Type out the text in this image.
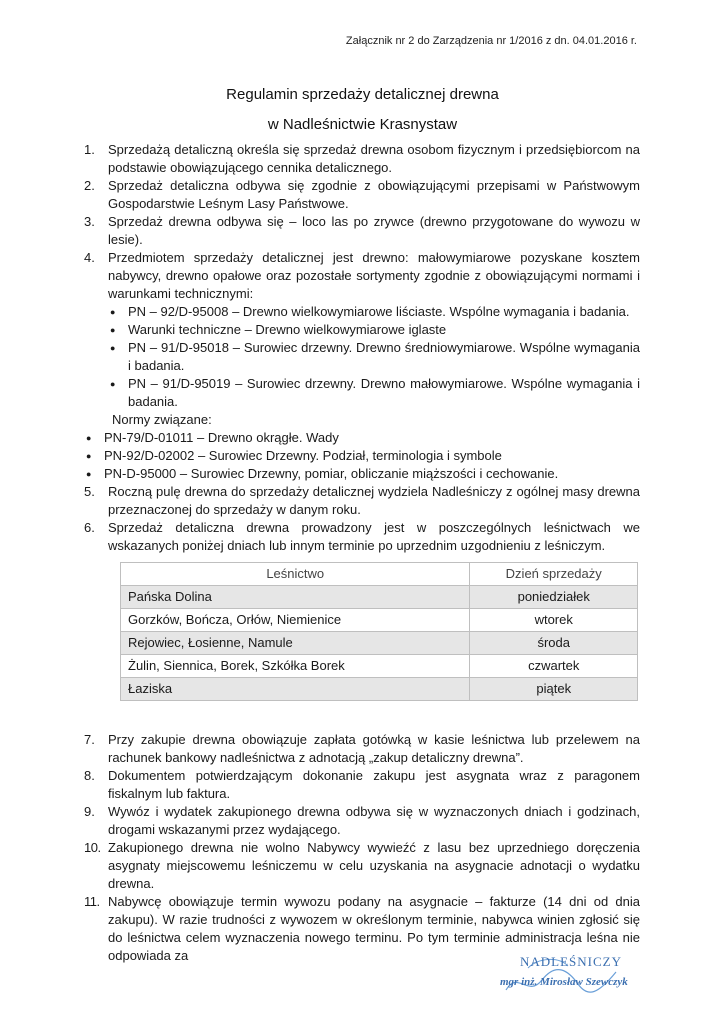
Załącznik nr 2 do Zarządzenia nr 1/2016 z dn. 04.01.2016 r.
Regulamin sprzedaży detalicznej drewna
w Nadleśnictwie Krasnystaw
1.	Sprzedażą detaliczną określa się sprzedaż drewna osobom fizycznym i przedsiębiorcom na podstawie obowiązującego cennika detalicznego.
2.	Sprzedaż detaliczna odbywa się zgodnie z obowiązującymi przepisami w Państwowym Gospodarstwie Leśnym Lasy Państwowe.
3.	Sprzedaż drewna odbywa się – loco las po zrywce (drewno przygotowane do wywozu w lesie).
4.	Przedmiotem sprzedaży detalicznej jest drewno: małowymiarowe pozyskane kosztem nabywcy, drewno opałowe oraz pozostałe sortymenty zgodnie z obowiązującymi normami i warunkami technicznymi:
● PN – 92/D-95008 – Drewno wielkowymiarowe liściaste. Wspólne wymagania i badania.
● Warunki techniczne – Drewno wielkowymiarowe iglaste
● PN – 91/D-95018 – Surowiec drzewny. Drewno średniowymiarowe. Wspólne wymagania i badania.
● PN – 91/D-95019 – Surowiec drzewny. Drewno małowymiarowe. Wspólne wymagania i badania.
Normy związane:
● PN-79/D-01011 – Drewno okrągłe. Wady
● PN-92/D-02002 – Surowiec Drzewny. Podział, terminologia i symbole
● PN-D-95000 – Surowiec Drzewny, pomiar, obliczanie miąższości i cechowanie.
5.	Roczną pulę drewna do sprzedaży detalicznej wydziela Nadleśniczy z ogólnej masy drewna przeznaczonej do sprzedaży w danym roku.
6.	Sprzedaż detaliczna drewna prowadzony jest w poszczególnych leśnictwach we wskazanych poniżej dniach lub innym terminie po uprzednim uzgodnieniu z leśniczym.
Leśnictwo	Dzień sprzedaży
Pańska Dolina	poniedziałek
Gorzków, Bończa, Orłów, Niemienice	wtorek
Rejowiec, Łosienne, Namule	środa
Żulin, Siennica, Borek, Szkółka Borek	czwartek
Łaziska	piątek
7.	Przy zakupie drewna obowiązuje zapłata gotówką w kasie leśnictwa lub przelewem na rachunek bankowy nadleśnictwa z adnotacją „zakup detaliczny drewna”.
8.	Dokumentem potwierdzającym dokonanie zakupu jest asygnata wraz z paragonem fiskalnym lub faktura.
9.	Wywóz i wydatek zakupionego drewna odbywa się w wyznaczonych dniach i godzinach, drogami wskazanymi przez wydającego.
10. Zakupionego drewna nie wolno Nabywcy wywieźć z lasu bez uprzedniego doręczenia asygnaty miejscowemu leśniczemu w celu uzyskania na asygnacie adnotacji o wydatku drewna.
11. Nabywcę obowiązuje termin wywozu podany na asygnacie – fakturze (14 dni od dnia zakupu). W razie trudności z wywozem w określonym terminie, nabywca winien zgłosić się do leśnictwa celem wyznaczenia nowego terminu. Po tym terminie administracja leśna nie odpowiada za	NADLEŚNICZY
mgr inż. Mirosław Szewczyk
